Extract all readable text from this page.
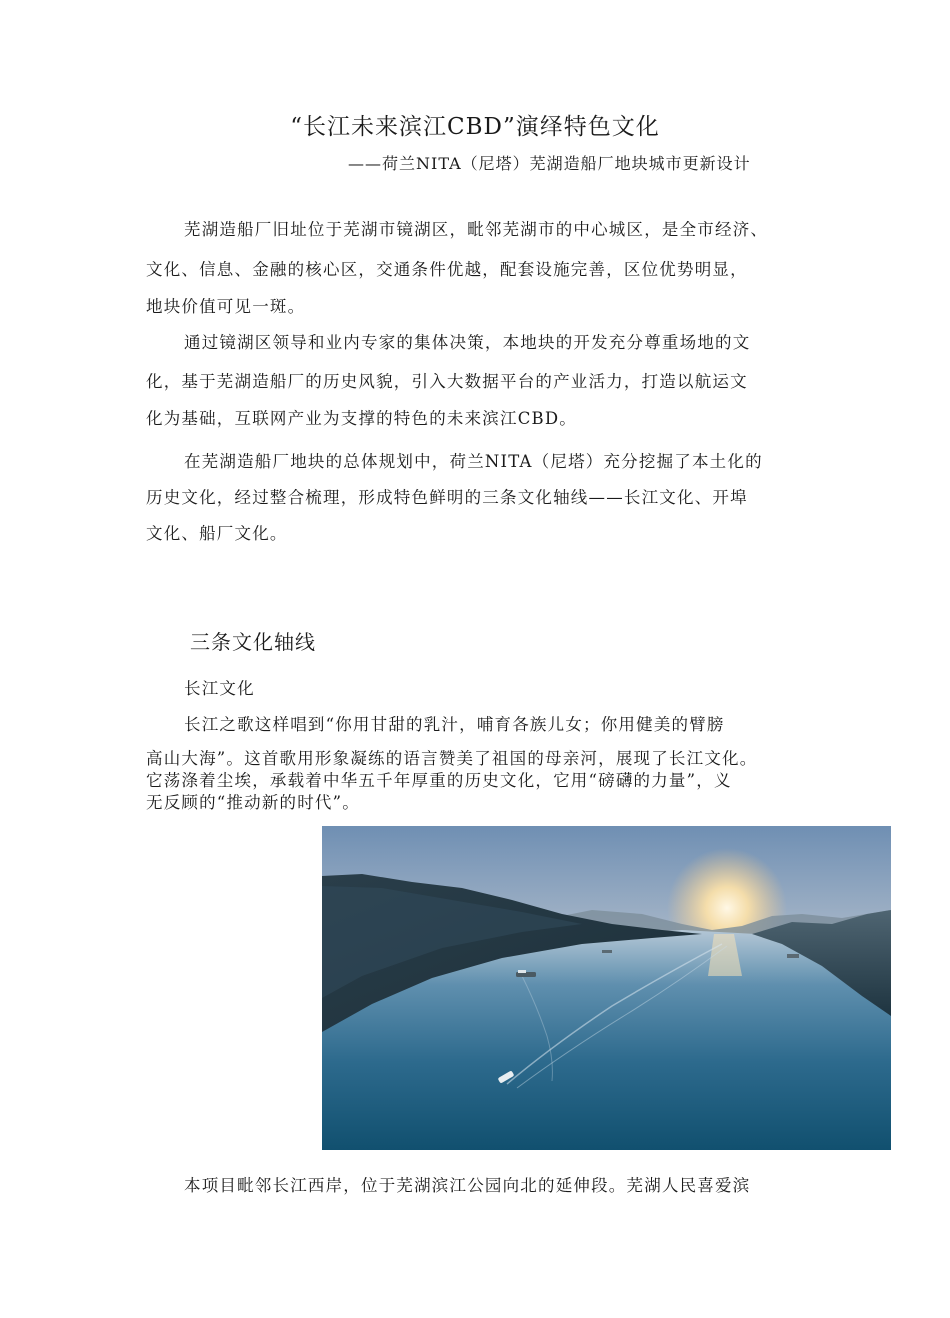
“长江未来滨江CBD”演绎特色文化
——荷兰NITA（尼塔）芜湖造船厂地块城市更新设计
芜湖造船厂旧址位于芜湖市镜湖区，毗邻芜湖市的中心城区，是全市经济、
文化、信息、金融的核心区，交通条件优越，配套设施完善，区位优势明显，
地块价值可见一斑。
通过镜湖区领导和业内专家的集体决策，本地块的开发充分尊重场地的文
化，基于芜湖造船厂的历史风貌，引入大数据平台的产业活力，打造以航运文
化为基础，互联网产业为支撑的特色的未来滨江CBD。
在芜湖造船厂地块的总体规划中，荷兰NITA（尼塔）充分挖掘了本土化的
历史文化，经过整合梳理，形成特色鲜明的三条文化轴线——长江文化、开埠
文化、船厂文化。
三条文化轴线
长江文化
长江之歌这样唱到“你用甘甜的乳汁，哺育各族儿女；你用健美的臂膀
高山大海”。这首歌用形象凝练的语言赞美了祖国的母亲河，展现了长江文化。
它荡涤着尘埃，承载着中华五千年厚重的历史文化，它用“磅礴的力量”，义
无反顾的“推动新的时代”。
本项目毗邻长江西岸，位于芜湖滨江公园向北的延伸段。芜湖人民喜爱滨
